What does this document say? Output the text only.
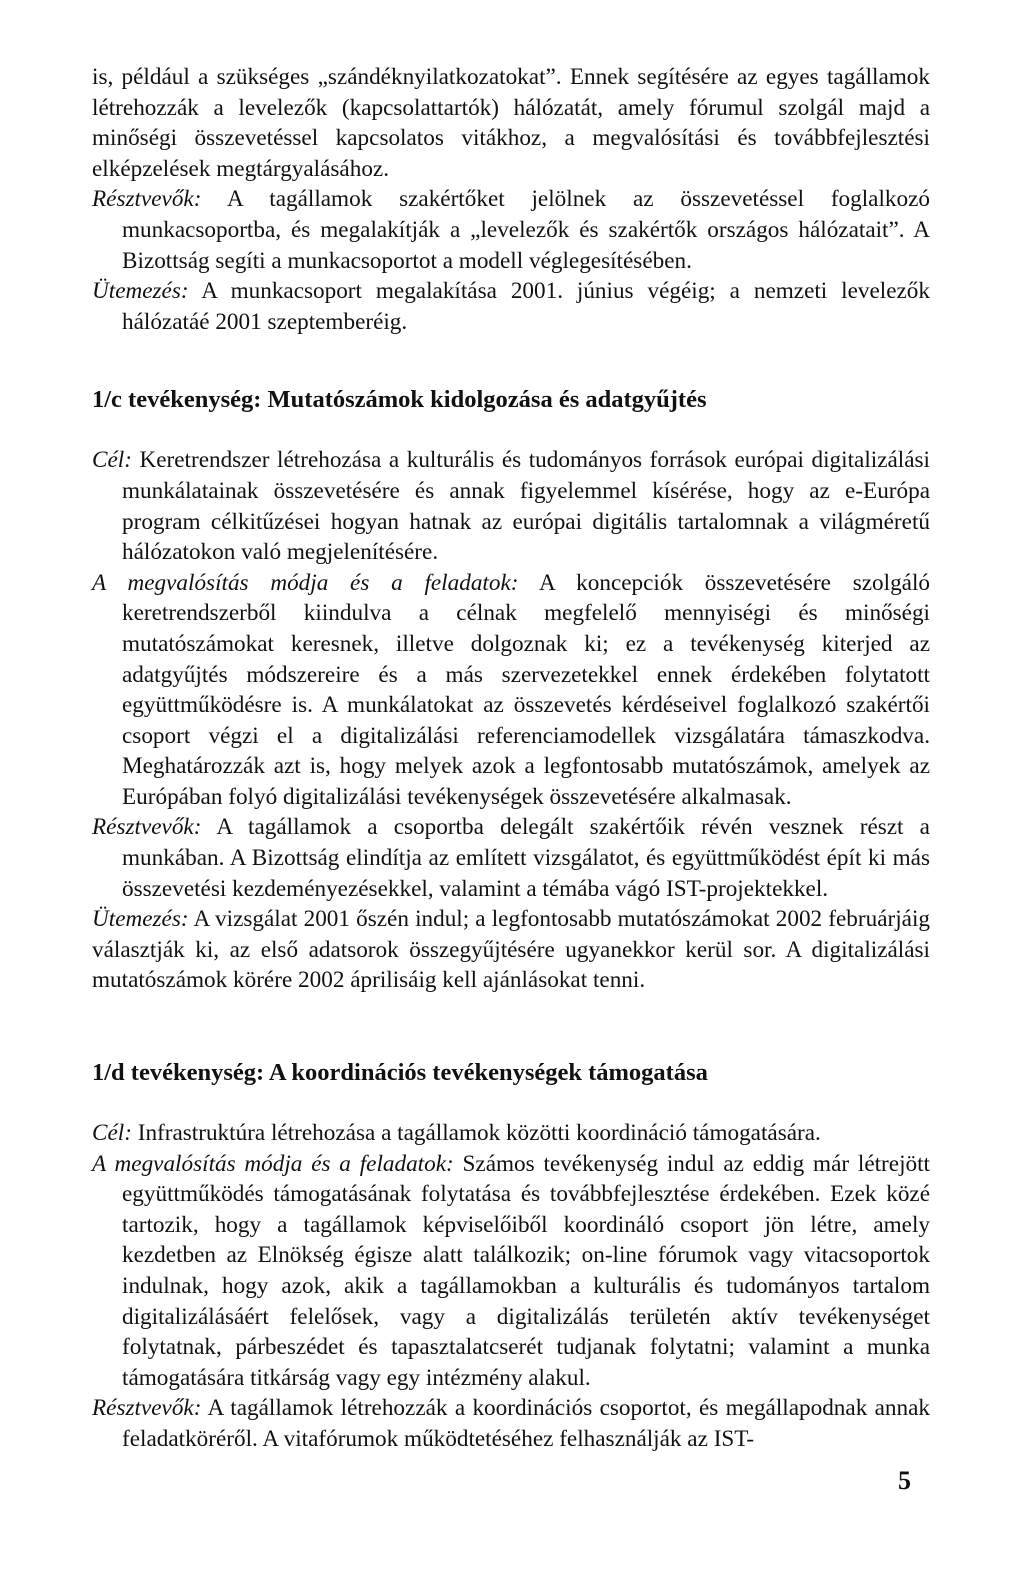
is, például a szükséges „szándéknyilatkozatokat”. Ennek segítésére az egyes tagállamok létrehozzák a levelezők (kapcsolattartók) hálózatát, amely fórumul szolgál majd a minőségi összevetéssel kapcsolatos vitákhoz, a megvalósítási és továbbfejlesztési elképzelések megtárgyalásához.

Résztvevők: A tagállamok szakértőket jelölnek az összevetéssel foglalkozó munkacsoportba, és megalakítják a „levelezők és szakértők országos hálózatait”. A Bizottság segíti a munkacsoportot a modell véglegesítésében.

Ütemezés: A munkacsoport megalakítása 2001. június végéig; a nemzeti levelezők hálózatáé 2001 szeptemberéig.

1/c tevékenység: Mutatószámok kidolgozása és adatgyűjtés

Cél: Keretrendszer létrehozása a kulturális és tudományos források európai digitalizálási munkálatainak összevetésére és annak figyelemmel kísérése, hogy az e-Európa program célkitűzései hogyan hatnak az európai digitális tartalomnak a világméretű hálózatokon való megjelenítésére.

A megvalósítás módja és a feladatok: A koncepciók összevetésére szolgáló keretrendszerből kiindulva a célnak megfelelő mennyiségi és minőségi mutatószámokat keresnek, illetve dolgoznak ki; ez a tevékenység kiterjed az adatgyűjtés módszereire és a más szervezetekkel ennek érdekében folytatott együttműködésre is. A munkálatokat az összevetés kérdéseivel foglalkozó szakértői csoport végzi el a digitalizálási referenciamodellek vizsgálatára támaszkodva. Meghatározzák azt is, hogy melyek azok a legfontosabb mutatószámok, amelyek az Európában folyó digitalizálási tevékenységek összevetésére alkalmasak.

Résztvevők: A tagállamok a csoportba delegált szakértőik révén vesznek részt a munkában. A Bizottság elindítja az említett vizsgálatot, és együttműködést épít ki más összevetési kezdeményezésekkel, valamint a témába vágó IST-projektekkel.

Ütemezés: A vizsgálat 2001 őszén indul; a legfontosabb mutatószámokat 2002 februárjáig választják ki, az első adatsorok összegyűjtésére ugyanekkor kerül sor. A digitalizálási mutatószámok körére 2002 áprilisáig kell ajánlásokat tenni.

1/d tevékenység: A koordinációs tevékenységek támogatása

Cél: Infrastruktúra létrehozása a tagállamok közötti koordináció támogatására.

A megvalósítás módja és a feladatok: Számos tevékenység indul az eddig már létrejött együttműködés támogatásának folytatása és továbbfejlesztése érdekében. Ezek közé tartozik, hogy a tagállamok képviselőiből koordináló csoport jön létre, amely kezdetben az Elnökség égisze alatt találkozik; on-line fórumok vagy vitacsoportok indulnak, hogy azok, akik a tagállamokban a kulturális és tudományos tartalom digitalizálásáért felelősek, vagy a digitalizálás területén aktív tevékenységet folytatnak, párbeszédet és tapasztalatcserét tudjanak folytatni; valamint a munka támogatására titkárság vagy egy intézmény alakul.

Résztvevők: A tagállamok létrehozzák a koordinációs csoportot, és megállapodnak annak feladatköréről. A vitafórumok működtetéséhez felhasználják az IST-

5
